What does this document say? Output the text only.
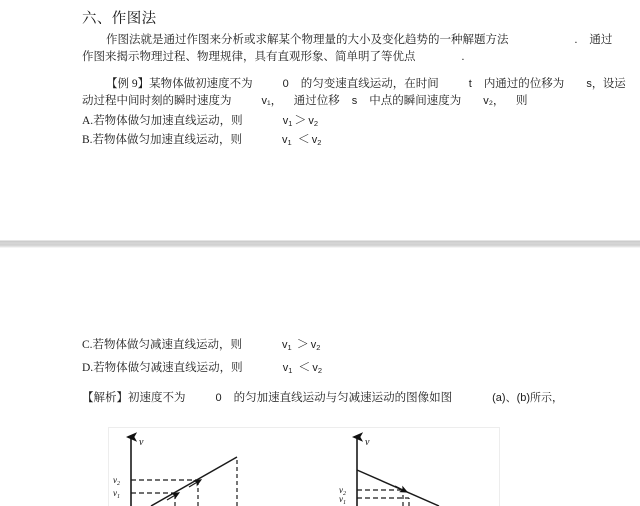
六、作图法
作图法就是通过作图来分析或求解某个物理量的大小及变化趋势的一种解题方法	. 通过
作图来揭示物理过程、物理规律，具有直观形象、简单明了等优点	.
【例 9】某物体做初速度不为	0 的匀变速直线运动，在时间	t 内通过的位移为 s，设运
动过程中间时刻的瞬时速度为	v₁， 通过位移 s 中点的瞬间速度为 v₂， 则
A.若物体做匀加速直线运动，则	$v_1 > v_2$
B.若物体做匀加速直线运动，则	$v_1 < v_2$
C.若物体做匀减速直线运动，则	$v_1 > v_2$
D.若物体做匀减速直线运动，则	$v_1 < v_2$
【解析】初速度不为	0 的匀加速直线运动与匀减速运动的图像如图	(a)、(b)所示，
v
$v_2$
$v_1$
v
$v_2$
$v_1$
